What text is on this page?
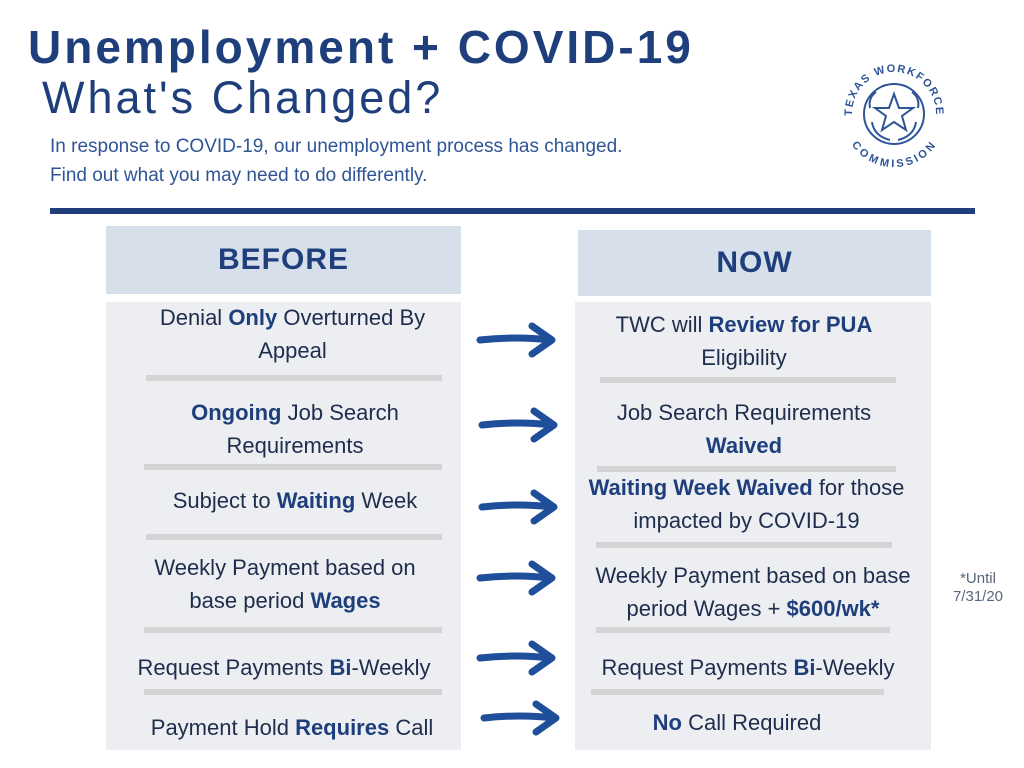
Unemployment + COVID-19
What's Changed?
In response to COVID-19, our unemployment process has changed.
Find out what you may need to do differently.
TEXAS WORKFORCE
COMMISSION
BEFORE	NOW
Denial Only Overturned By Appeal
Ongoing Job Search Requirements
Subject to Waiting Week
Weekly Payment based on base period Wages
Request Payments Bi-Weekly
Payment Hold Requires Call
TWC will Review for PUA Eligibility
Job Search Requirements Waived
Waiting Week Waived for those impacted by COVID-19
Weekly Payment based on base period Wages + $600/wk*
Request Payments Bi-Weekly
No Call Required
*Until
7/31/20
